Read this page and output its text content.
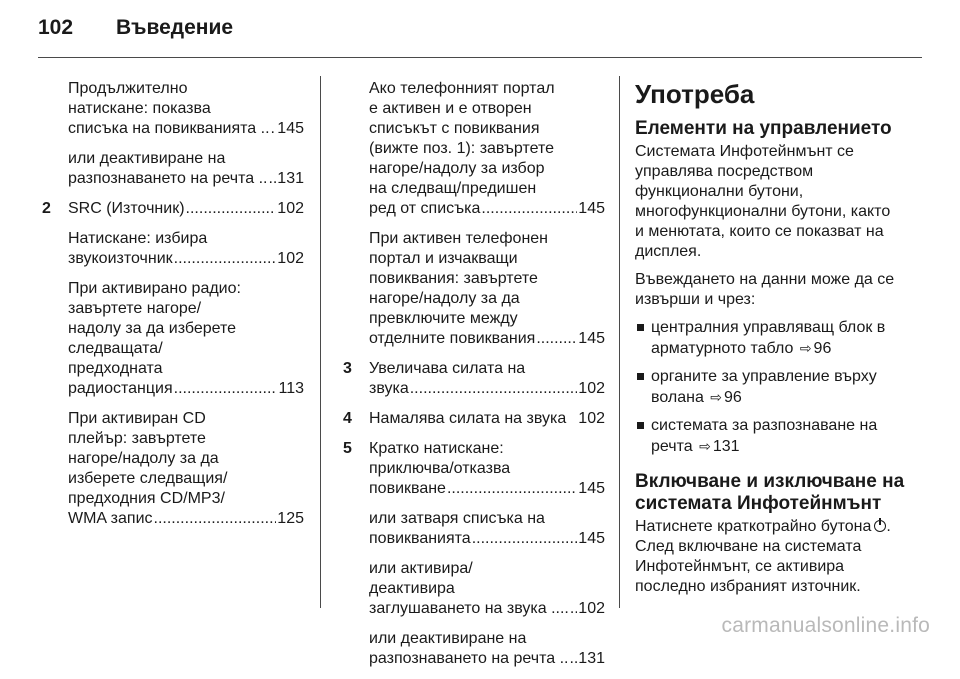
102	Въведение
Продължително
натискане: показва
списъка на повикванията .. ..... 145
или деактивиране на
разпознаването на речта .. ..... 131
2 SRC (Източник) .....	102
Натискане: избира
звукоизточник .....	102
При активирано радио:
завъртете нагоре/
надолу за да изберете
следващата/
предходната
радиостанция .....	113
При активиран CD
плейър: завъртете
нагоре/надолу за да
изберете следващия/
предходния CD/MP3/
WMA запис .....	125
Ако телефонният портал
е активен и е отворен
списъкът с повиквания
(вижте поз. 1): завъртете
нагоре/надолу за избор
на следващ/предишен
ред от списъка .....	145
При активен телефонен
портал и изчакващи
повиквания: завъртете
нагоре/надолу за да
превключите между
отделните повиквания .....	145
3 Увеличава силата на
звука .....	102
4 Намалява силата на звука 102
5 Кратко натискане:
приключва/отказва
повикване .....	145
или затваря списъка на
повикванията .....	145
или активира/
деактивира
заглушаването на звука .... ..... 102
или деактивиране на
разпознаването на речта .. ..... 131
Употреба
Елементи на управлението
Системата Инфотейнмънт се
управлява посредством
функционални бутони,
многофункционални бутони, както
и менютата, които се показват на
дисплея.
Въвеждането на данни може да се
извърши и чрез:
централния управляващ блок в
арматурното табло ⇨ 96
органите за управление върху
волана ⇨ 96
системата за разпознаване на
речта ⇨ 131
Включване и изключване на
системата Инфотейнмънт
Натиснете краткотрайно бутона .
След включване на системата
Инфотейнмънт, се активира
последно избраният източник.
carmanualsonline.info
